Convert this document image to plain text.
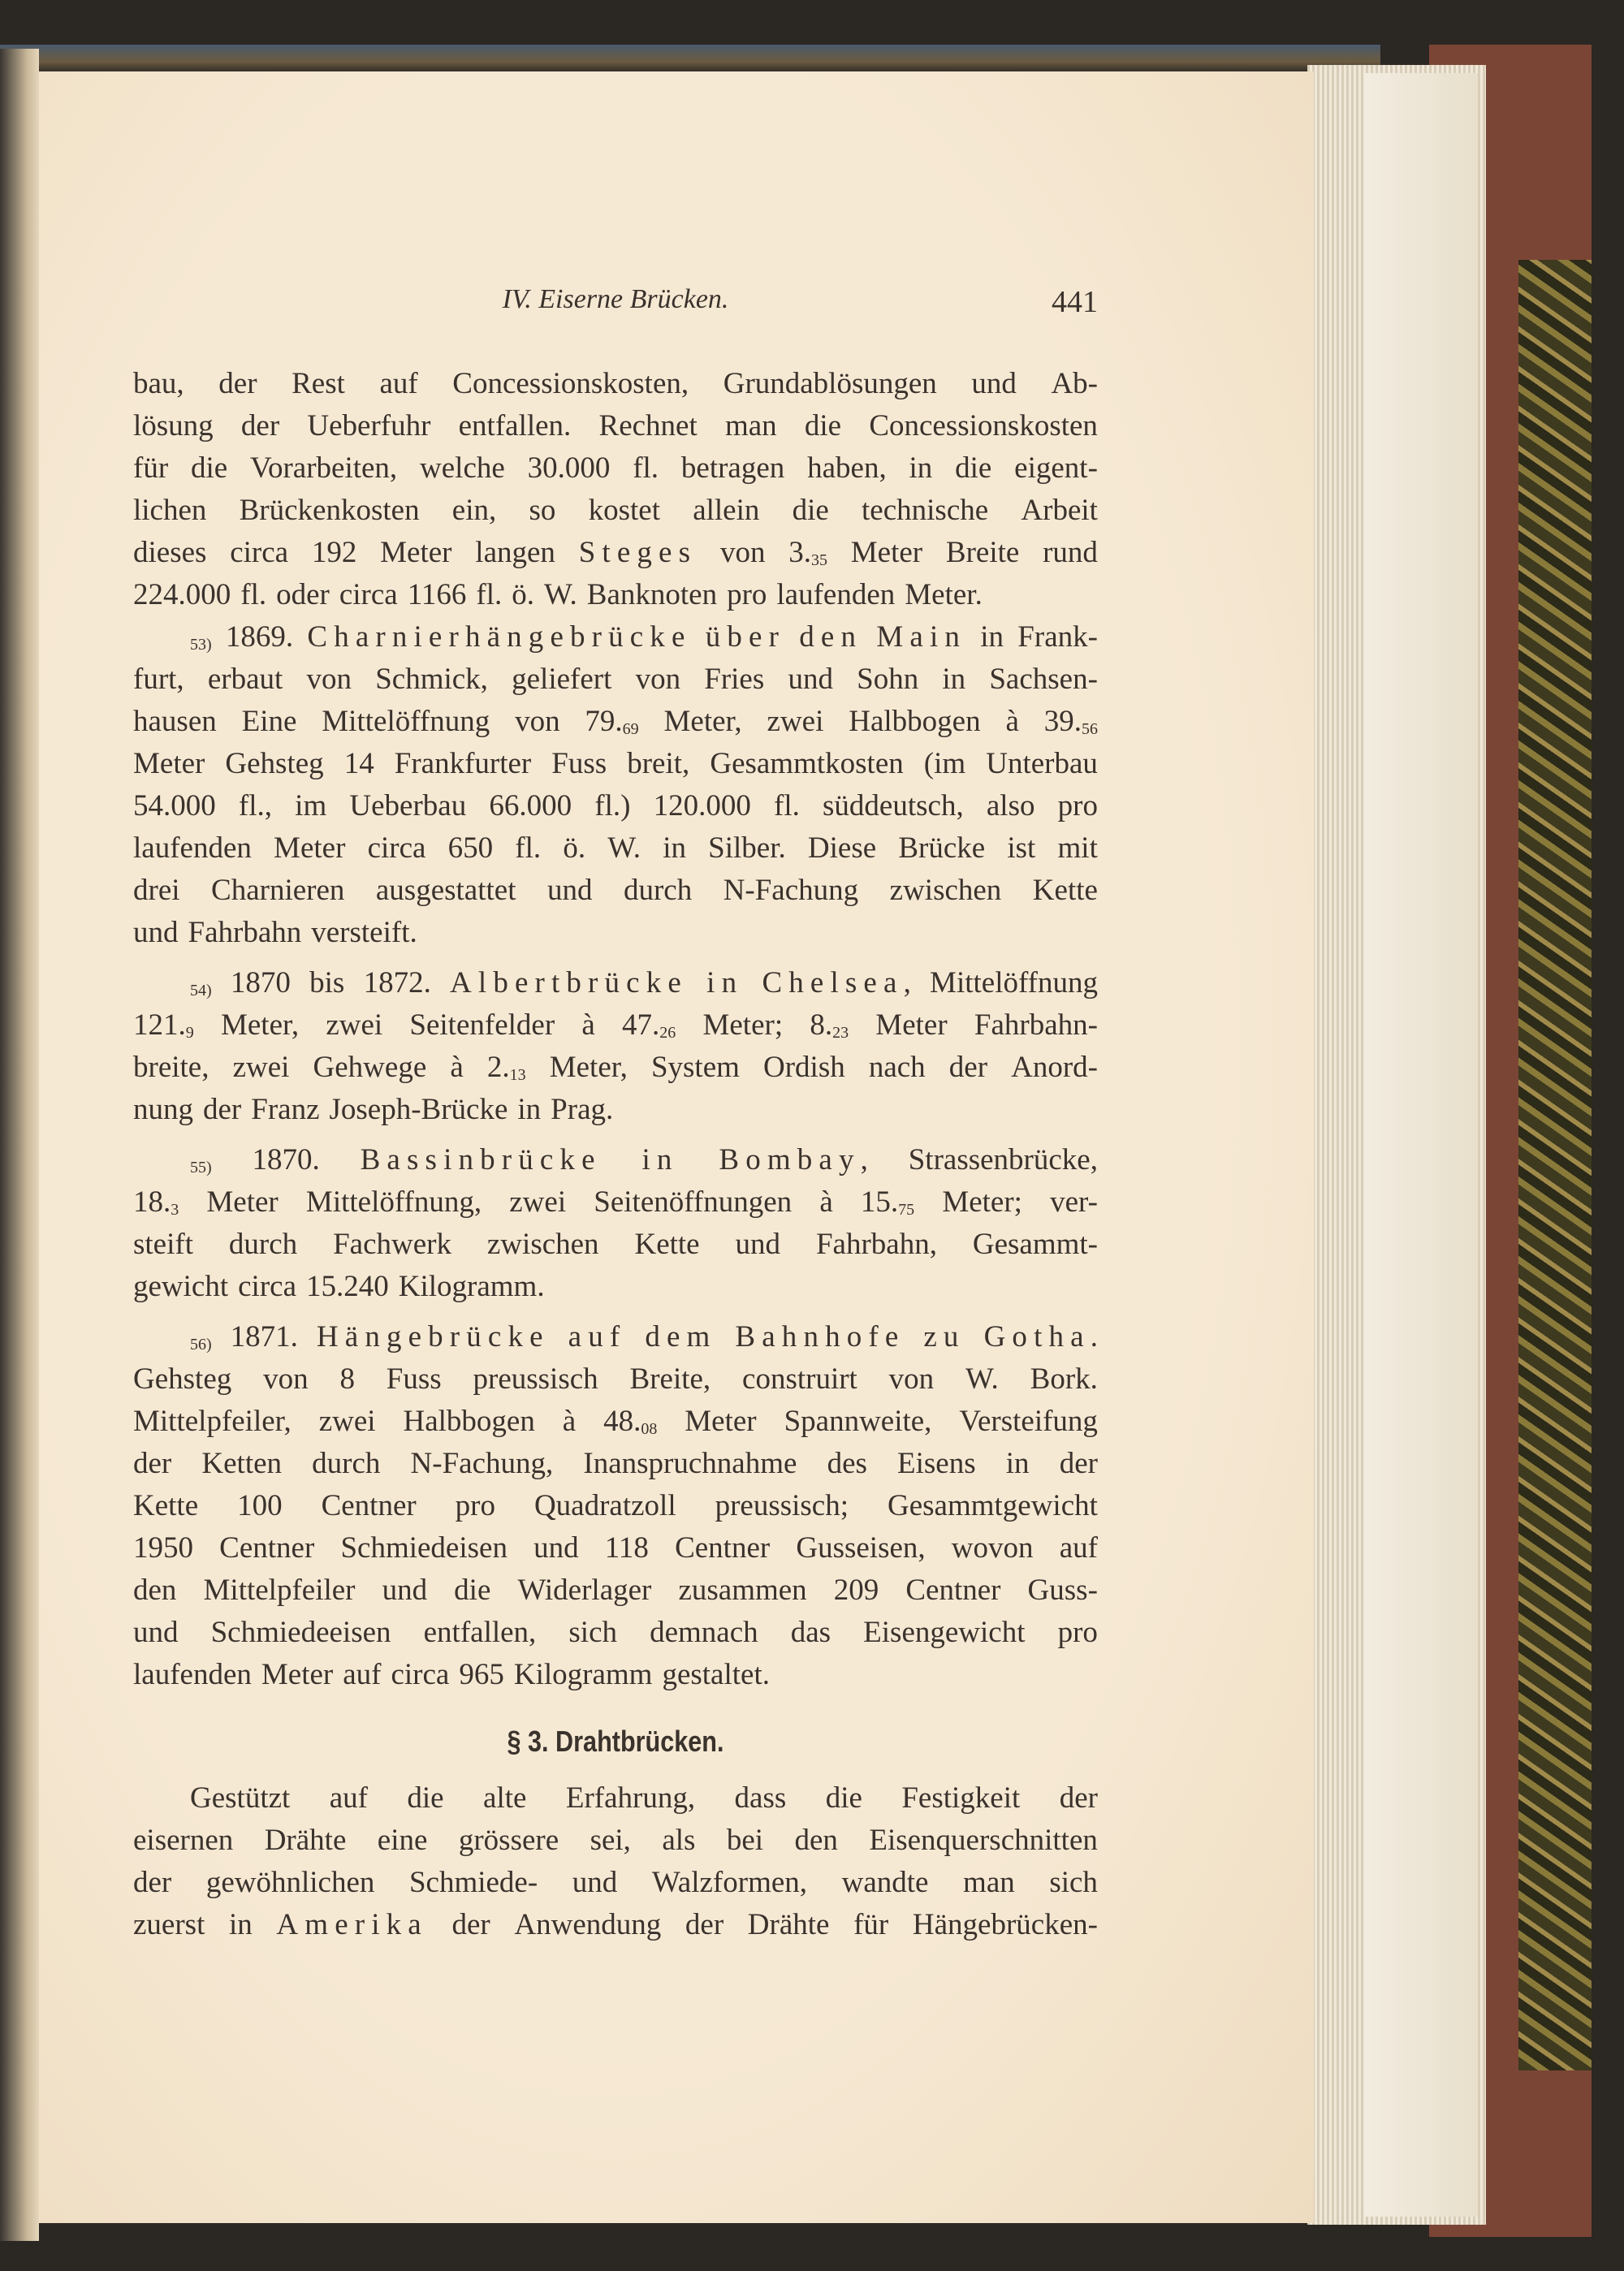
IV. Eiserne Brücken.	441
bau, der Rest auf Concessionskosten, Grundablösungen und Ab-
lösung der Ueberfuhr entfallen. Rechnet man die Concessionskosten
für die Vorarbeiten, welche 30.000 fl. betragen haben, in die eigent-
lichen Brückenkosten ein, so kostet allein die technische Arbeit
dieses circa 192 Meter langen Steges von 3.35 Meter Breite rund
224.000 fl. oder circa 1166 fl. ö. W. Banknoten pro laufenden Meter.
53) 1869. Charnierhängebrücke über den Main in Frank-
furt, erbaut von Schmick, geliefert von Fries und Sohn in Sachsen-
hausen Eine Mittelöffnung von 79.69 Meter, zwei Halbbogen à 39.56
Meter Gehsteg 14 Frankfurter Fuss breit, Gesammtkosten (im Unterbau
54.000 fl., im Ueberbau 66.000 fl.) 120.000 fl. süddeutsch, also pro
laufenden Meter circa 650 fl. ö. W. in Silber. Diese Brücke ist mit
drei Charnieren ausgestattet und durch N-Fachung zwischen Kette
und Fahrbahn versteift.
54) 1870 bis 1872. Albertbrücke in Chelsea, Mittelöffnung
121.9 Meter, zwei Seitenfelder à 47.26 Meter; 8.23 Meter Fahrbahn-
breite, zwei Gehwege à 2.13 Meter, System Ordish nach der Anord-
nung der Franz Joseph-Brücke in Prag.
55) 1870. Bassinbrücke in Bombay, Strassenbrücke,
18.3 Meter Mittelöffnung, zwei Seitenöffnungen à 15.75 Meter; ver-
steift durch Fachwerk zwischen Kette und Fahrbahn, Gesammt-
gewicht circa 15.240 Kilogramm.
56) 1871. Hängebrücke auf dem Bahnhofe zu Gotha.
Gehsteg von 8 Fuss preussisch Breite, construirt von W. Bork.
Mittelpfeiler, zwei Halbbogen à 48.08 Meter Spannweite, Versteifung
der Ketten durch N-Fachung, Inanspruchnahme des Eisens in der
Kette 100 Centner pro Quadratzoll preussisch; Gesammtgewicht
1950 Centner Schmiedeisen und 118 Centner Gusseisen, wovon auf
den Mittelpfeiler und die Widerlager zusammen 209 Centner Guss-
und Schmiedeeisen entfallen, sich demnach das Eisengewicht pro
laufenden Meter auf circa 965 Kilogramm gestaltet.
§ 3. Drahtbrücken.
Gestützt auf die alte Erfahrung, dass die Festigkeit der
eisernen Drähte eine grössere sei, als bei den Eisenquerschnitten
der gewöhnlichen Schmiede- und Walzformen, wandte man sich
zuerst in Amerika der Anwendung der Drähte für Hängebrücken-
